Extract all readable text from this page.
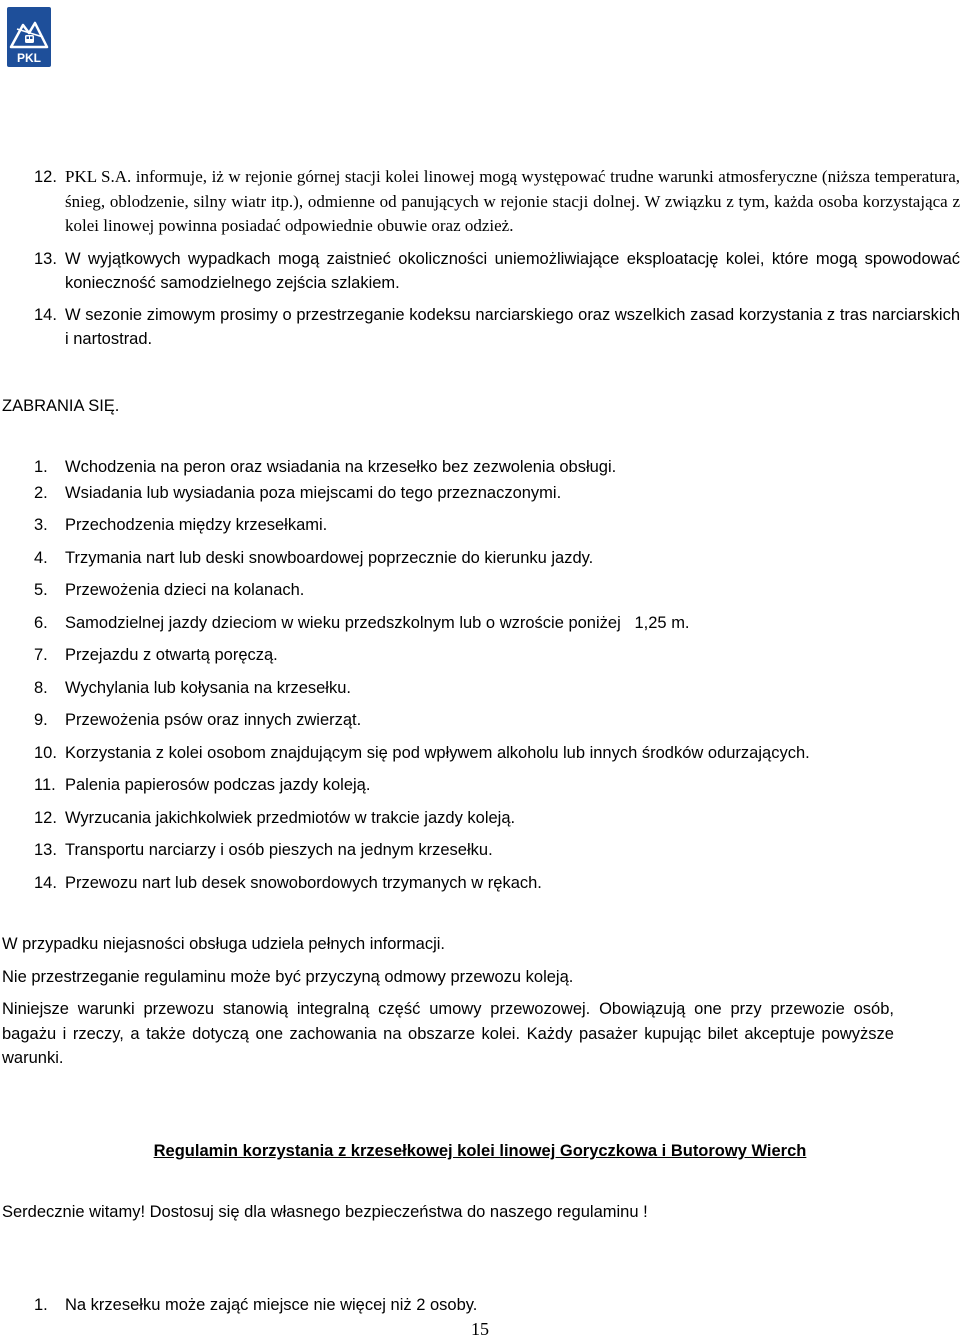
PKL
12. PKL S.A. informuje, iż w rejonie górnej stacji kolei linowej mogą występować trudne warunki atmosferyczne (niższa temperatura, śnieg, oblodzenie, silny wiatr itp.), odmienne od panujących w rejonie stacji dolnej. W związku z tym, każda osoba korzystająca z kolei linowej powinna posiadać odpowiednie obuwie oraz odzież.
13. W wyjątkowych wypadkach mogą zaistnieć okoliczności uniemożliwiające eksploatację kolei, które mogą spowodować konieczność samodzielnego zejścia szlakiem.
14. W sezonie zimowym prosimy o przestrzeganie kodeksu narciarskiego oraz wszelkich zasad korzystania z tras narciarskich i nartostrad.
ZABRANIA SIĘ.
1. Wchodzenia na peron oraz wsiadania na krzesełko bez zezwolenia obsługi.
2. Wsiadania lub wysiadania poza miejscami do tego przeznaczonymi.
3. Przechodzenia między krzesełkami.
4. Trzymania nart lub deski snowboardowej poprzecznie do kierunku jazdy.
5. Przewożenia dzieci na kolanach.
6. Samodzielnej jazdy dzieciom w wieku przedszkolnym lub o wzroście poniżej   1,25 m.
7. Przejazdu z otwartą poręczą.
8. Wychylania lub kołysania na krzesełku.
9. Przewożenia psów oraz innych zwierząt.
10. Korzystania z kolei osobom znajdującym się pod wpływem alkoholu lub innych środków odurzających.
11. Palenia papierosów podczas jazdy koleją.
12. Wyrzucania jakichkolwiek przedmiotów w trakcie jazdy koleją.
13. Transportu narciarzy i osób pieszych na jednym krzesełku.
14. Przewozu nart lub desek snowobordowych trzymanych w rękach.
W przypadku niejasności obsługa udziela pełnych informacji.
Nie przestrzeganie regulaminu może być przyczyną odmowy przewozu koleją.
Niniejsze warunki przewozu stanowią integralną część umowy przewozowej. Obowiązują one przy przewozie osób, bagażu i rzeczy, a także dotyczą one zachowania na obszarze kolei. Każdy pasażer kupując bilet akceptuje powyższe warunki.
Regulamin korzystania z krzesełkowej kolei linowej Goryczkowa i Butorowy Wierch
Serdecznie witamy! Dostosuj się dla własnego bezpieczeństwa do naszego regulaminu !
1. Na krzesełku może zająć miejsce nie więcej niż 2 osoby.
15
